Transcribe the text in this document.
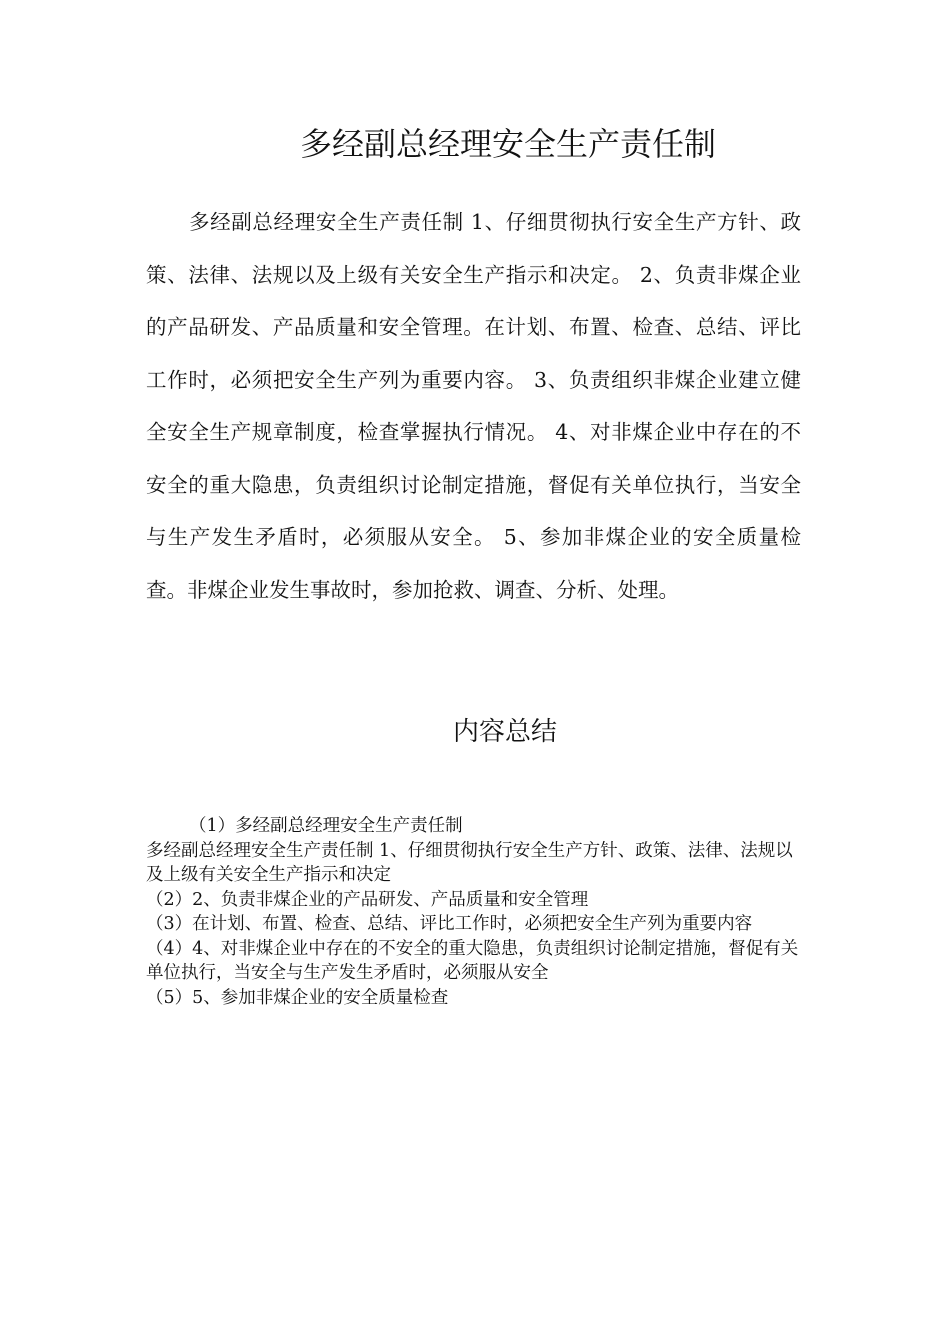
多经副总经理安全生产责任制

多经副总经理安全生产责任制 1、仔细贯彻执行安全生产方针、政策、法律、法规以及上级有关安全生产指示和决定。 2、负责非煤企业的产品研发、产品质量和安全管理。在计划、布置、检查、总结、评比工作时，必须把安全生产列为重要内容。 3、负责组织非煤企业建立健全安全生产规章制度，检查掌握执行情况。 4、对非煤企业中存在的不安全的重大隐患，负责组织讨论制定措施，督促有关单位执行，当安全与生产发生矛盾时，必须服从安全。 5、参加非煤企业的安全质量检查。非煤企业发生事故时，参加抢救、调查、分析、处理。

内容总结

（1）多经副总经理安全生产责任制

多经副总经理安全生产责任制 1、仔细贯彻执行安全生产方针、政策、法律、法规以及上级有关安全生产指示和决定

（2）2、负责非煤企业的产品研发、产品质量和安全管理

（3）在计划、布置、检查、总结、评比工作时，必须把安全生产列为重要内容

（4）4、对非煤企业中存在的不安全的重大隐患，负责组织讨论制定措施，督促有关单位执行，当安全与生产发生矛盾时，必须服从安全

（5）5、参加非煤企业的安全质量检查
